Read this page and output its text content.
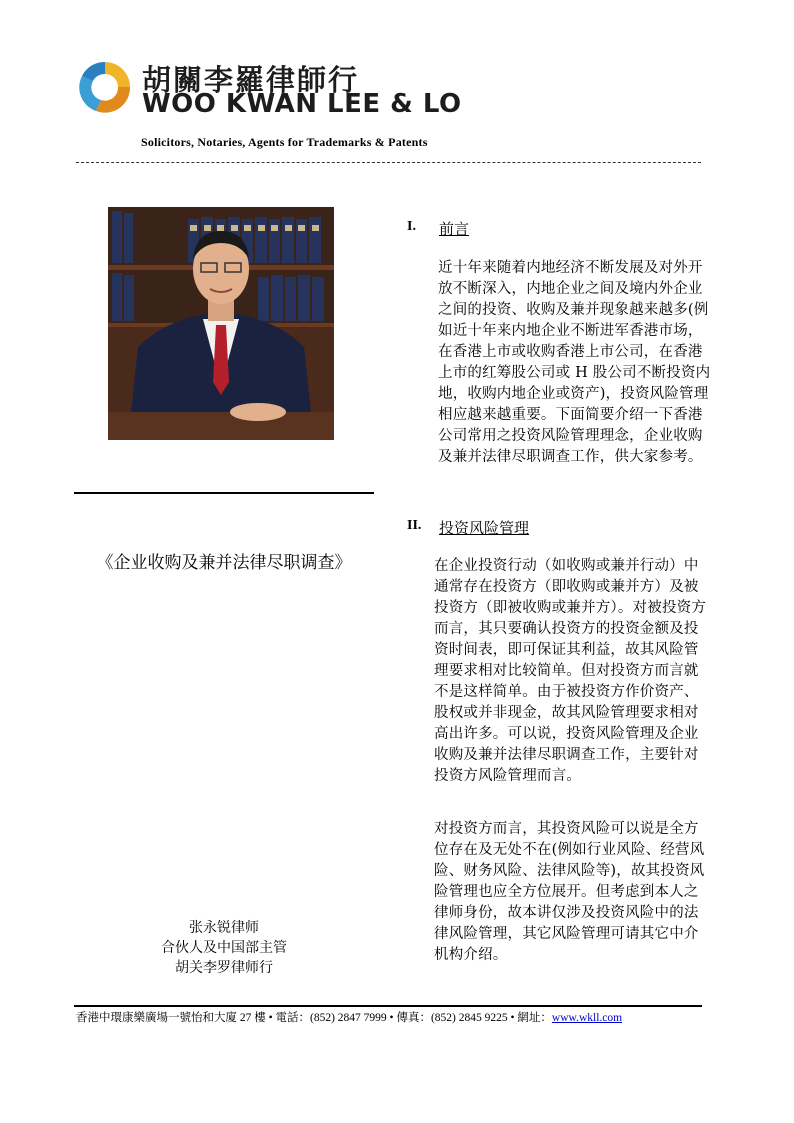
胡關李羅律師行
WOO KWAN LEE & LO
Solicitors, Notaries, Agents for Trademarks & Patents
《企业收购及兼并法律尽职调查》
张永锐律师
合伙人及中国部主管
胡关李罗律师行
I. 前言
近十年来随着内地经济不断发展及对外开放不断深入，内地企业之间及境内外企业之间的投资、收购及兼并现象越来越多(例如近十年来内地企业不断进军香港市场，在香港上市或收购香港上市公司，在香港上市的红筹股公司或 H 股公司不断投资内地，收购内地企业或资产)，投资风险管理相应越来越重要。下面简要介绍一下香港公司常用之投资风险管理理念，企业收购及兼并法律尽职调查工作，供大家参考。
II. 投资风险管理
在企业投资行动（如收购或兼并行动）中通常存在投资方（即收购或兼并方）及被投资方（即被收购或兼并方）。对被投资方而言，其只要确认投资方的投资金额及投资时间表，即可保证其利益，故其风险管理要求相对比较简单。但对投资方而言就不是这样简单。由于被投资方作价资产、股权或并非现金，故其风险管理要求相对高出许多。可以说，投资风险管理及企业收购及兼并法律尽职调查工作，主要针对投资方风险管理而言。
对投资方而言，其投资风险可以说是全方位存在及无处不在(例如行业风险、经营风险、财务风险、法律风险等)，故其投资风险管理也应全方位展开。但考虑到本人之律师身份，故本讲仅涉及投资风险中的法律风险管理，其它风险管理可请其它中介机构介绍。
香港中環康樂廣場一號怡和大廈 27 樓 • 電話：(852) 2847 7999 • 傳真：(852) 2845 9225 • 網址：www.wkll.com
